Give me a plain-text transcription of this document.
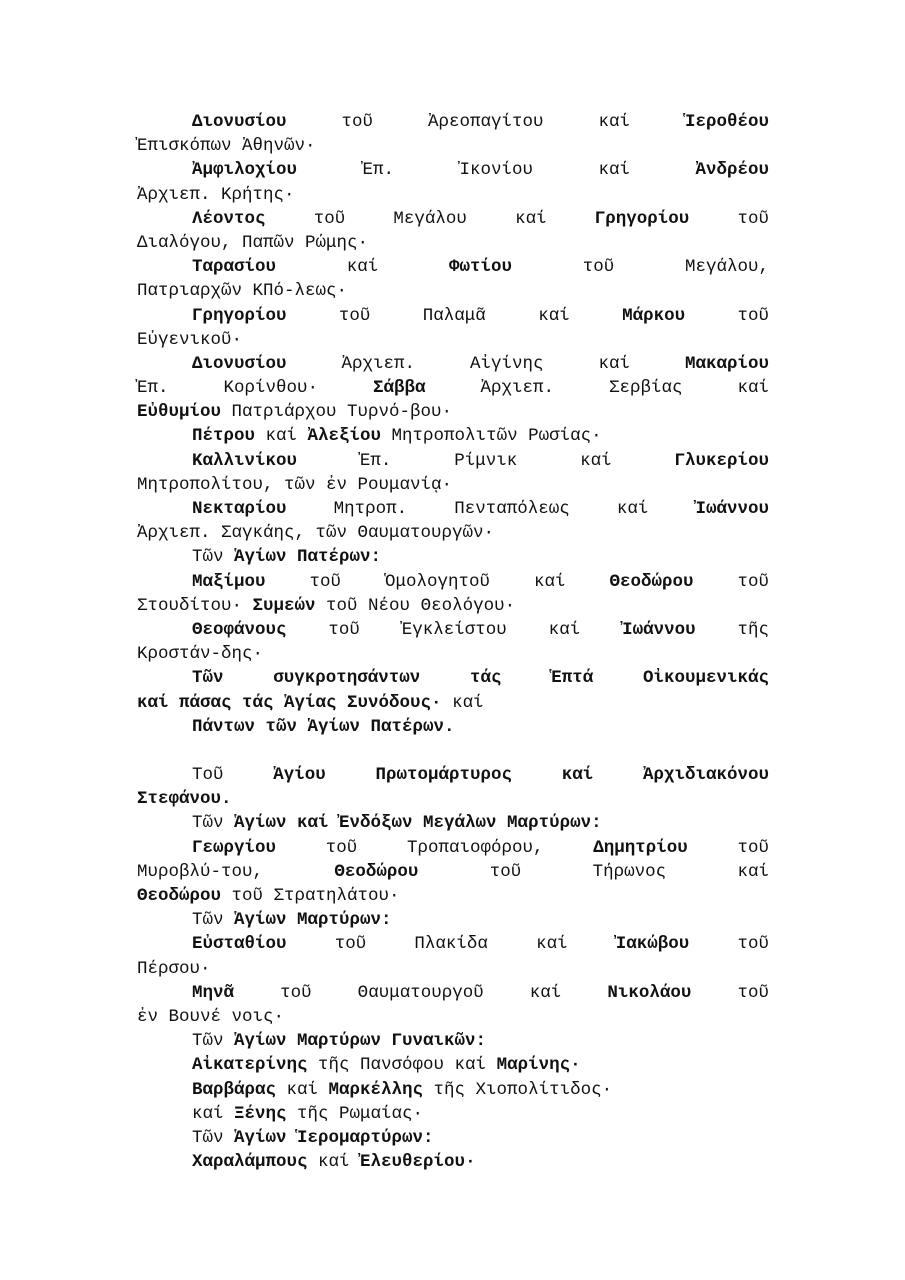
Διονυσίου τοῦ Ἀρεοπαγίτου καί Ἱεροθέου
Ἐπισκόπων Ἀθηνῶν·
Ἀμφιλοχίου Ἐπ. Ἰκονίου καί Ἀνδρέου
Ἀρχιεπ. Κρήτης·
Λέοντος τοῦ Μεγάλου καί Γρηγορίου τοῦ
Διαλόγου, Παπῶν Ρώμης·
Ταρασίου καί Φωτίου τοῦ Μεγάλου,
Πατριαρχῶν ΚΠό-λεως·
Γρηγορίου τοῦ Παλαμᾶ καί Μάρκου τοῦ
Εὐγενικοῦ·
Διονυσίου Ἀρχιεπ. Αἰγίνης καί Μακαρίου
Ἐπ. Κορίνθου· Σάββα Ἀρχιεπ. Σερβίας καί
Εὐθυμίου Πατριάρχου Τυρνό-βου·
Πέτρου καί Ἀλεξίου Μητροπολιτῶν Ρωσίας·
Καλλινίκου Ἐπ. Ρίμνικ καί Γλυκερίου
Μητροπολίτου, τῶν ἐν Ρουμανίᾳ·
Νεκταρίου Μητροπ. Πενταπόλεως καί Ἰωάννου
Ἀρχιεπ. Σαγκάης, τῶν Θαυματουργῶν·
Τῶν Ἁγίων Πατέρων:
Μαξίμου τοῦ Ὁμολογητοῦ καί Θεοδώρου τοῦ
Στουδίτου· Συμεών τοῦ Νέου Θεολόγου·
Θεοφάνους τοῦ Ἐγκλείστου καί Ἰωάννου τῆς
Κροστάν-δης·
Τῶν συγκροτησάντων τάς Ἑπτά Οἰκουμενικάς
καί πάσας τάς Ἁγίας Συνόδους· καί
Πάντων τῶν Ἁγίων Πατέρων.
Τοῦ Ἁγίου Πρωτομάρτυρος καί Ἀρχιδιακόνου
Στεφάνου.
Τῶν Ἁγίων καί Ἐνδόξων Μεγάλων Μαρτύρων:
Γεωργίου τοῦ Τροπαιοφόρου, Δημητρίου τοῦ
Μυροβλύ-του, Θεοδώρου τοῦ Τήρωνος καί
Θεοδώρου τοῦ Στρατηλάτου·
Τῶν Ἁγίων Μαρτύρων:
Εὐσταθίου τοῦ Πλακίδα καί Ἰακώβου τοῦ
Πέρσου·
Μηνᾶ τοῦ Θαυματουργοῦ καί Νικολάου τοῦ
ἐν Βουνέ νοις·
Τῶν Ἁγίων Μαρτύρων Γυναικῶν:
Αἰκατερίνης τῆς Πανσόφου καί Μαρίνης·
Βαρβάρας καί Μαρκέλλης τῆς Χιοπολίτιδος·
καί Ξένης τῆς Ρωμαίας·
Τῶν Ἁγίων Ἱερομαρτύρων:
Χαραλάμπους καί Ἐλευθερίου·
